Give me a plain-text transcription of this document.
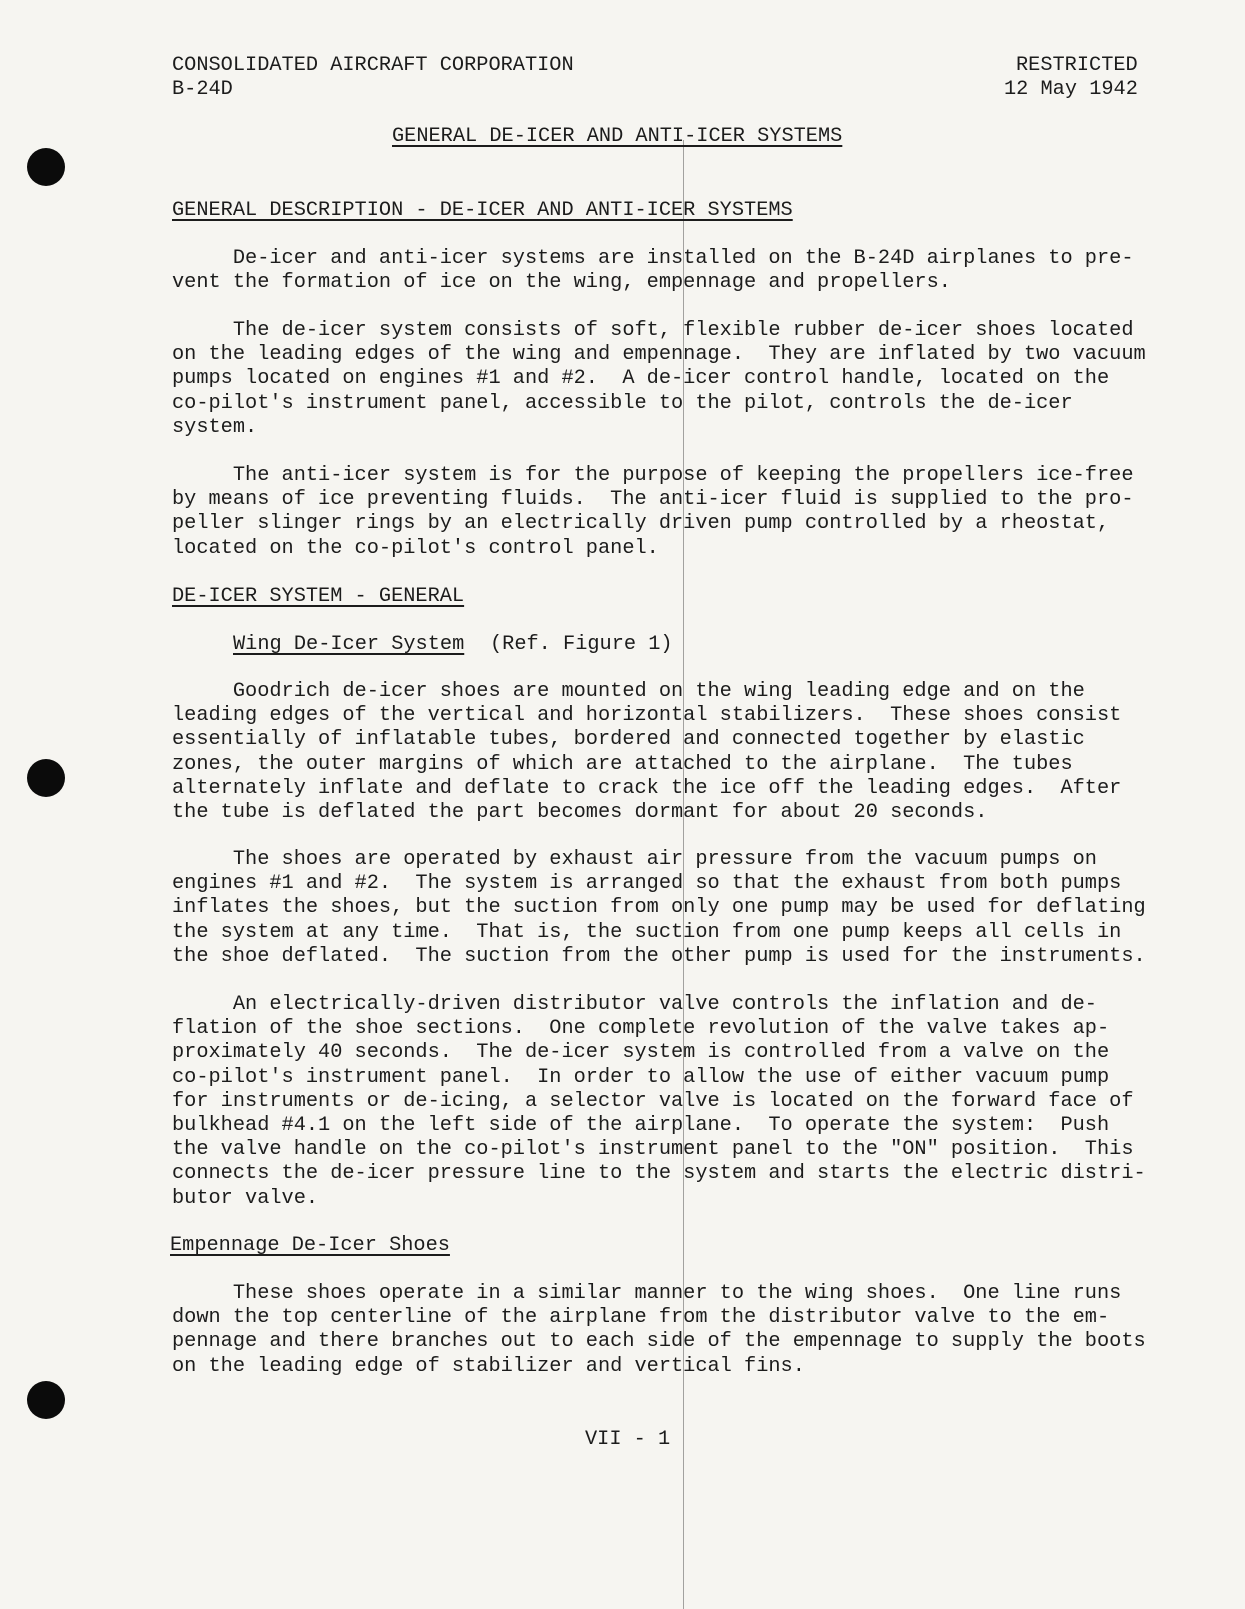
CONSOLIDATED AIRCRAFT CORPORATION
B-24D
RESTRICTED
12 May 1942
GENERAL DE-ICER AND ANTI-ICER SYSTEMS
GENERAL DESCRIPTION - DE-ICER AND ANTI-ICER SYSTEMS
DE-ICER SYSTEM - GENERAL
Wing De-Icer System (Ref. Figure 1)
Empennage De-Icer Shoes
De-icer and anti-icer systems are installed on the B-24D airplanes to pre-
vent the formation of ice on the wing, empennage and propellers.
The de-icer system consists of soft, flexible rubber de-icer shoes located
on the leading edges of the wing and empennage.  They are inflated by two vacuum
pumps located on engines #1 and #2.  A de-icer control handle, located on the
co-pilot's instrument panel, accessible to the pilot, controls the de-icer
system.
The anti-icer system is for the purpose of keeping the propellers ice-free
by means of ice preventing fluids.  The anti-icer fluid is supplied to the pro-
peller slinger rings by an electrically driven pump controlled by a rheostat,
located on the co-pilot's control panel.
Goodrich de-icer shoes are mounted on the wing leading edge and on the
leading edges of the vertical and horizontal stabilizers.  These shoes consist
essentially of inflatable tubes, bordered and connected together by elastic
zones, the outer margins of which are attached to the airplane.  The tubes
alternately inflate and deflate to crack the ice off the leading edges.  After
the tube is deflated the part becomes dormant for about 20 seconds.
The shoes are operated by exhaust air pressure from the vacuum pumps on
engines #1 and #2.  The system is arranged so that the exhaust from both pumps
inflates the shoes, but the suction from only one pump may be used for deflating
the system at any time.  That is, the suction from one pump keeps all cells in
the shoe deflated.  The suction from the other pump is used for the instruments.
An electrically-driven distributor valve controls the inflation and de-
flation of the shoe sections.  One complete revolution of the valve takes ap-
proximately 40 seconds.  The de-icer system is controlled from a valve on the
co-pilot's instrument panel.  In order to allow the use of either vacuum pump
for instruments or de-icing, a selector valve is located on the forward face of
bulkhead #4.1 on the left side of the airplane.  To operate the system:  Push
the valve handle on the co-pilot's instrument panel to the "ON" position.  This
connects the de-icer pressure line to the system and starts the electric distri-
butor valve.
These shoes operate in a similar manner to the wing shoes.  One line runs
down the top centerline of the airplane from the distributor valve to the em-
pennage and there branches out to each side of the empennage to supply the boots
on the leading edge of stabilizer and vertical fins.
VII - 1
